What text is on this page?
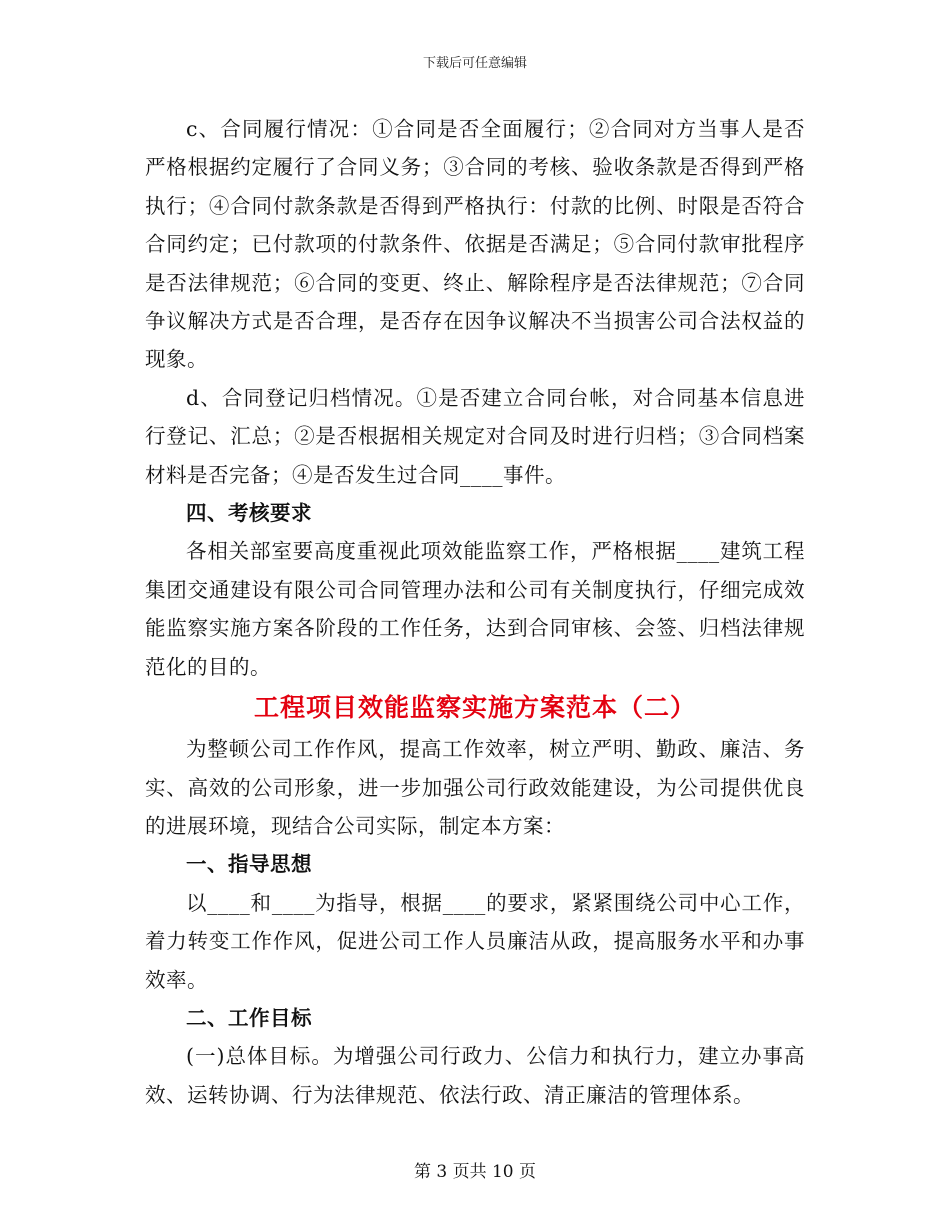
下载后可任意编辑

c、合同履行情况：①合同是否全面履行；②合同对方当事人是否严格根据约定履行了合同义务；③合同的考核、验收条款是否得到严格执行；④合同付款条款是否得到严格执行：付款的比例、时限是否符合合同约定；已付款项的付款条件、依据是否满足；⑤合同付款审批程序是否法律规范；⑥合同的变更、终止、解除程序是否法律规范；⑦合同争议解决方式是否合理，是否存在因争议解决不当损害公司合法权益的现象。

d、合同登记归档情况。①是否建立合同台帐，对合同基本信息进行登记、汇总；②是否根据相关规定对合同及时进行归档；③合同档案材料是否完备；④是否发生过合同____事件。

四、考核要求

各相关部室要高度重视此项效能监察工作，严格根据____建筑工程集团交通建设有限公司合同管理办法和公司有关制度执行，仔细完成效能监察实施方案各阶段的工作任务，达到合同审核、会签、归档法律规范化的目的。

工程项目效能监察实施方案范本（二）

为整顿公司工作作风，提高工作效率，树立严明、勤政、廉洁、务实、高效的公司形象，进一步加强公司行政效能建设，为公司提供优良的进展环境，现结合公司实际，制定本方案：

一、指导思想

以____和____为指导，根据____的要求，紧紧围绕公司中心工作，着力转变工作作风，促进公司工作人员廉洁从政，提高服务水平和办事效率。

二、工作目标

(一)总体目标。为增强公司行政力、公信力和执行力，建立办事高效、运转协调、行为法律规范、依法行政、清正廉洁的管理体系。

第 3 页共 10 页
